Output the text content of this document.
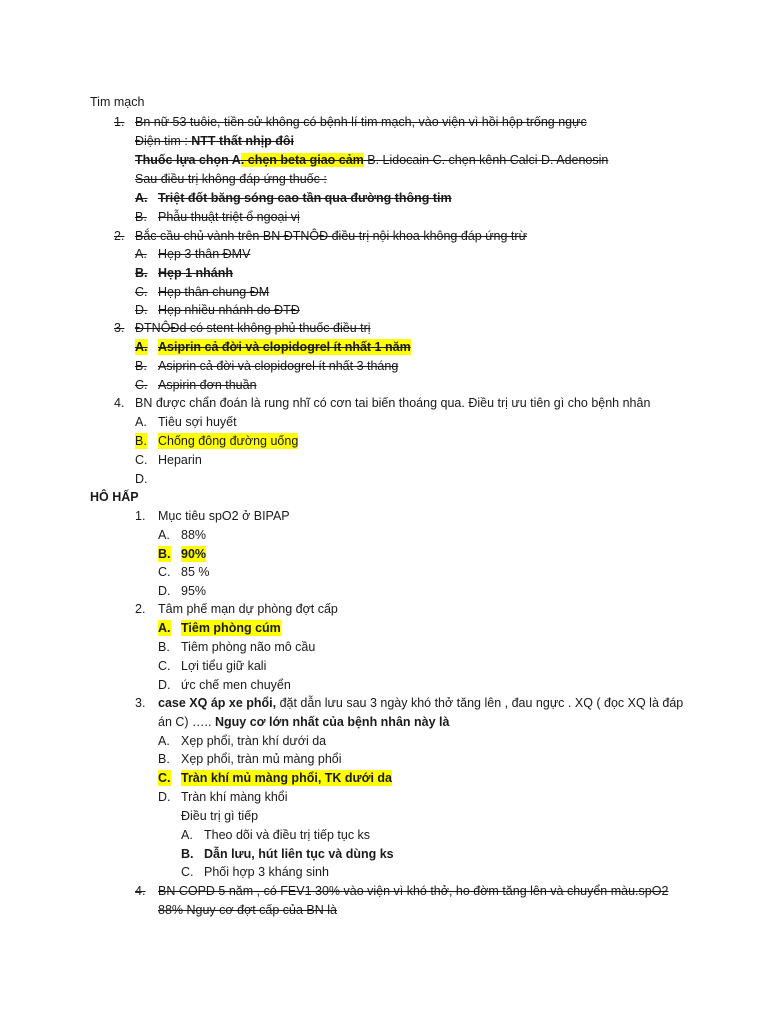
Tim mạch
1. Bn nữ 53 tuôie, tiền sử không có bệnh lí tim mạch, vào viện vì hồi hộp trống ngực
Điện tim : NTT thất nhịp đôi
Thuốc lựa chọn A. chẹn beta giao cảm B. Lidocain C. chẹn kênh Calci D. Adenosin
Sau điều trị không đáp ứng thuốc :
A. Triệt đốt băng sóng cao tần qua đường thông tim
B. Phẫu thuật triệt ổ ngoại vị
2. Bắc cầu chủ vành trên BN ĐTNÔĐ điều trị nội khoa không đáp ứng trừ
A. Hẹp 3 thân ĐMV
B. Hẹp 1 nhánh
C. Hẹp thân chung ĐM
D. Hẹp nhiều nhánh do ĐTĐ
3. ĐTNÔĐd có stent không phủ thuốc điều trị
A. Asiprin cả đời và clopidogrel ít nhất 1 năm
B. Asiprin cả đời và clopidogrel ít nhất 3 tháng
C. Aspirin đơn thuần
4. BN được chẩn đoán là rung nhĩ có cơn tai biến thoáng qua. Điều trị ưu tiên gì cho bệnh nhân
A. Tiêu sợi huyết
B. Chống đông đường uống
C. Heparin
D.
HÔ HẤP
1. Mục tiêu spO2 ở BIPAP
A. 88%
B. 90%
C. 85 %
D. 95%
2. Tâm phế mạn dự phòng đợt cấp
A. Tiêm phòng cúm
B. Tiêm phòng não mô cầu
C. Lợi tiểu giữ kali
D. ức chế men chuyển
3. case XQ áp xe phổi, đặt dẫn lưu sau 3 ngày khó thở tăng lên , đau ngực . XQ ( đọc XQ là đáp
án C) ….. Nguy cơ lớn nhất của bệnh nhân này là
A. Xẹp phổi, tràn khí dưới da
B. Xẹp phổi, tràn mủ màng phổi
C. Tràn khí mủ màng phổi, TK dưới da
D. Tràn khí màng khổi
Điều trị gì tiếp
A. Theo dõi và điều trị tiếp tục ks
B. Dẫn lưu, hút liên tục và dùng ks
C. Phối hợp 3 kháng sinh
4. BN COPD 5 năm , có FEV1 30% vào viện vì khó thở, ho đờm tăng lên và chuyển màu.spO2
88% Nguy cơ đợt cấp của BN là
